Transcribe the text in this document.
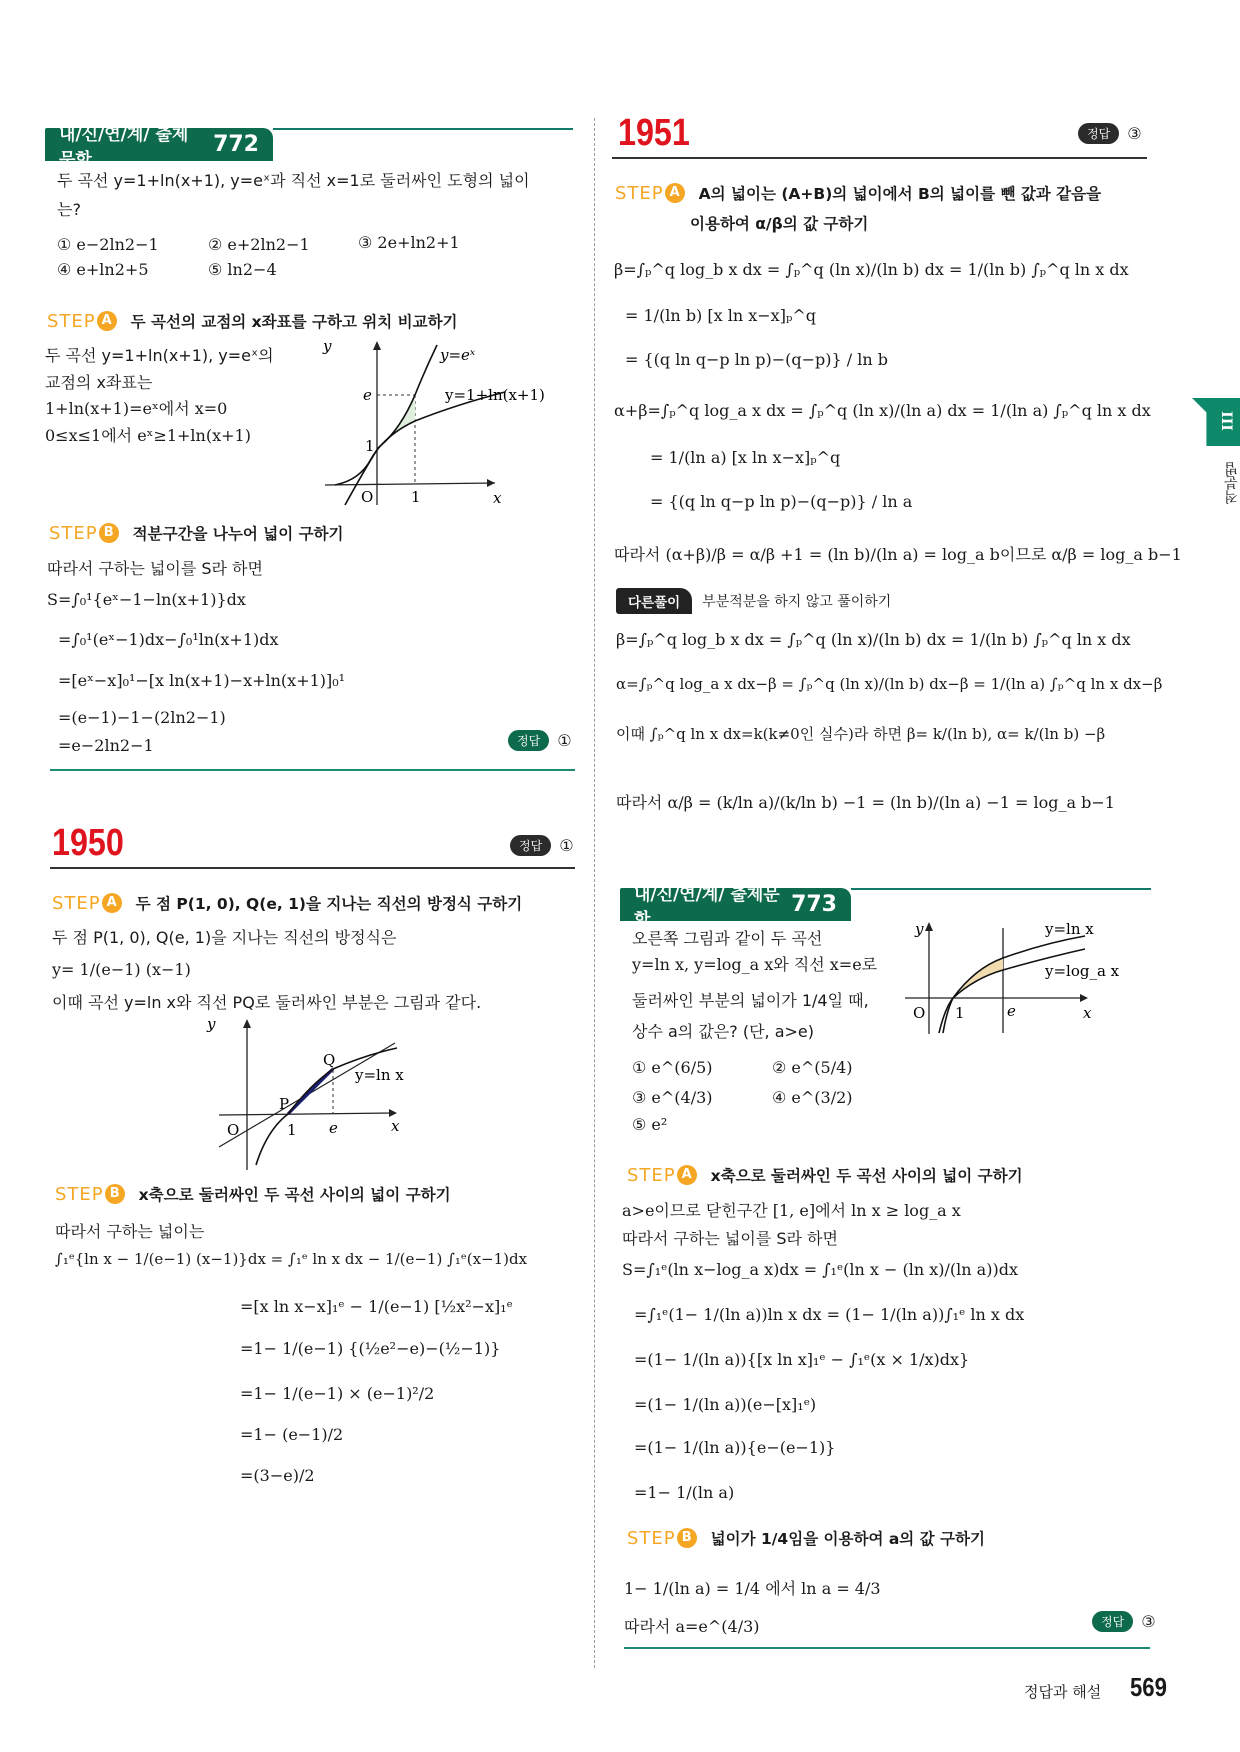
내/신/연/계/ 출제문항
772
두 곡선 y=1+ln(x+1), y=eˣ과 직선 x=1로 둘러싸인 도형의 넓이
는?
① e−2ln2−1	② e+2ln2−1	③ 2e+ln2+1
④ e+ln2+5	⑤ ln2−4
STEP A	두 곡선의 교점의 x좌표를 구하고 위치 비교하기
두 곡선 y=1+ln(x+1), y=eˣ의
교점의 x좌표는
1+ln(x+1)=eˣ에서 x=0
0≤x≤1에서 eˣ≥1+ln(x+1)
y
x
O	1
1
e
y=eˣ
y=1+ln(x+1)
STEP B	적분구간을 나누어 넓이 구하기
따라서 구하는 넓이를 S라 하면
S=∫₀¹{eˣ−1−ln(x+1)}dx
=∫₀¹(eˣ−1)dx−∫₀¹ln(x+1)dx
=[eˣ−x]₀¹−[x ln(x+1)−x+ln(x+1)]₀¹
=(e−1)−1−(2ln2−1)
=e−2ln2−1	정답	①
1950	정답	①
STEP A	두 점 P(1, 0), Q(e, 1)을 지나는 직선의 방정식 구하기
두 점 P(1, 0), Q(e, 1)을 지나는 직선의 방정식은
y= 1/(e−1) (x−1)
이때 곡선 y=ln x와 직선 PQ로 둘러싸인 부분은 그림과 같다.
y
x
O	1 e
P
Q
y=ln x
STEP B	x축으로 둘러싸인 두 곡선 사이의 넓이 구하기
따라서 구하는 넓이는
∫₁ᵉ{ln x − 1/(e−1) (x−1)}dx = ∫₁ᵉ ln x dx − 1/(e−1) ∫₁ᵉ(x−1)dx
=[x ln x−x]₁ᵉ − 1/(e−1) [½x²−x]₁ᵉ
=1− 1/(e−1) {(½e²−e)−(½−1)}
=1− 1/(e−1) × (e−1)²/2
=1− (e−1)/2
=(3−e)/2
1951	정답	③
STEP A	A의 넓이는 (A+B)의 넓이에서 B의 넓이를 뺀 값과 같음을
이용하여 α/β의 값 구하기
β=∫ₚ^q log_b x dx = ∫ₚ^q (ln x)/(ln b) dx = 1/(ln b) ∫ₚ^q ln x dx
= 1/(ln b) [x ln x−x]ₚ^q
= {(q ln q−p ln p)−(q−p)} / ln b
α+β=∫ₚ^q log_a x dx = ∫ₚ^q (ln x)/(ln a) dx = 1/(ln a) ∫ₚ^q ln x dx
= 1/(ln a) [x ln x−x]ₚ^q
= {(q ln q−p ln p)−(q−p)} / ln a
따라서 (α+β)/β = α/β +1 = (ln b)/(ln a) = log_a b이므로 α/β = log_a b−1
다른풀이	부분적분을 하지 않고 풀이하기
β=∫ₚ^q log_b x dx = ∫ₚ^q (ln x)/(ln b) dx = 1/(ln b) ∫ₚ^q ln x dx
α=∫ₚ^q log_a x dx−β = ∫ₚ^q (ln x)/(ln b) dx−β = 1/(ln a) ∫ₚ^q ln x dx−β
이때 ∫ₚ^q ln x dx=k(k≠0인 실수)라 하면 β= k/(ln b), α= k/(ln b) −β
따라서 α/β = (k/ln a)/(k/ln b) −1 = (ln b)/(ln a) −1 = log_a b−1
내/신/연/계/ 출제문항
773
오른쪽 그림과 같이 두 곡선
y=ln x, y=log_a x와 직선 x=e로
둘러싸인 부분의 넓이가 1/4일 때,
상수 a의 값은? (단, a>e)
① e^(6/5)	② e^(5/4)
③ e^(4/3)	④ e^(3/2)
⑤ e²
y
x
O 1	e
y=ln x
y=log_a x
STEP A	x축으로 둘러싸인 두 곡선 사이의 넓이 구하기
a>e이므로 닫힌구간 [1, e]에서 ln x ≥ log_a x
따라서 구하는 넓이를 S라 하면
S=∫₁ᵉ(ln x−log_a x)dx = ∫₁ᵉ(ln x − (ln x)/(ln a))dx
=∫₁ᵉ(1− 1/(ln a))ln x dx = (1− 1/(ln a))∫₁ᵉ ln x dx
=(1− 1/(ln a)){[x ln x]₁ᵉ − ∫₁ᵉ(x × 1/x)dx}
=(1− 1/(ln a))(e−[x]₁ᵉ)
=(1− 1/(ln a)){e−(e−1)}
=1− 1/(ln a)
STEP B	넓이가 1/4임을 이용하여 a의 값 구하기
1− 1/(ln a) = 1/4 에서 ln a = 4/3
따라서 a=e^(4/3)	정답	③
III
적분법
정답과 해설 569
